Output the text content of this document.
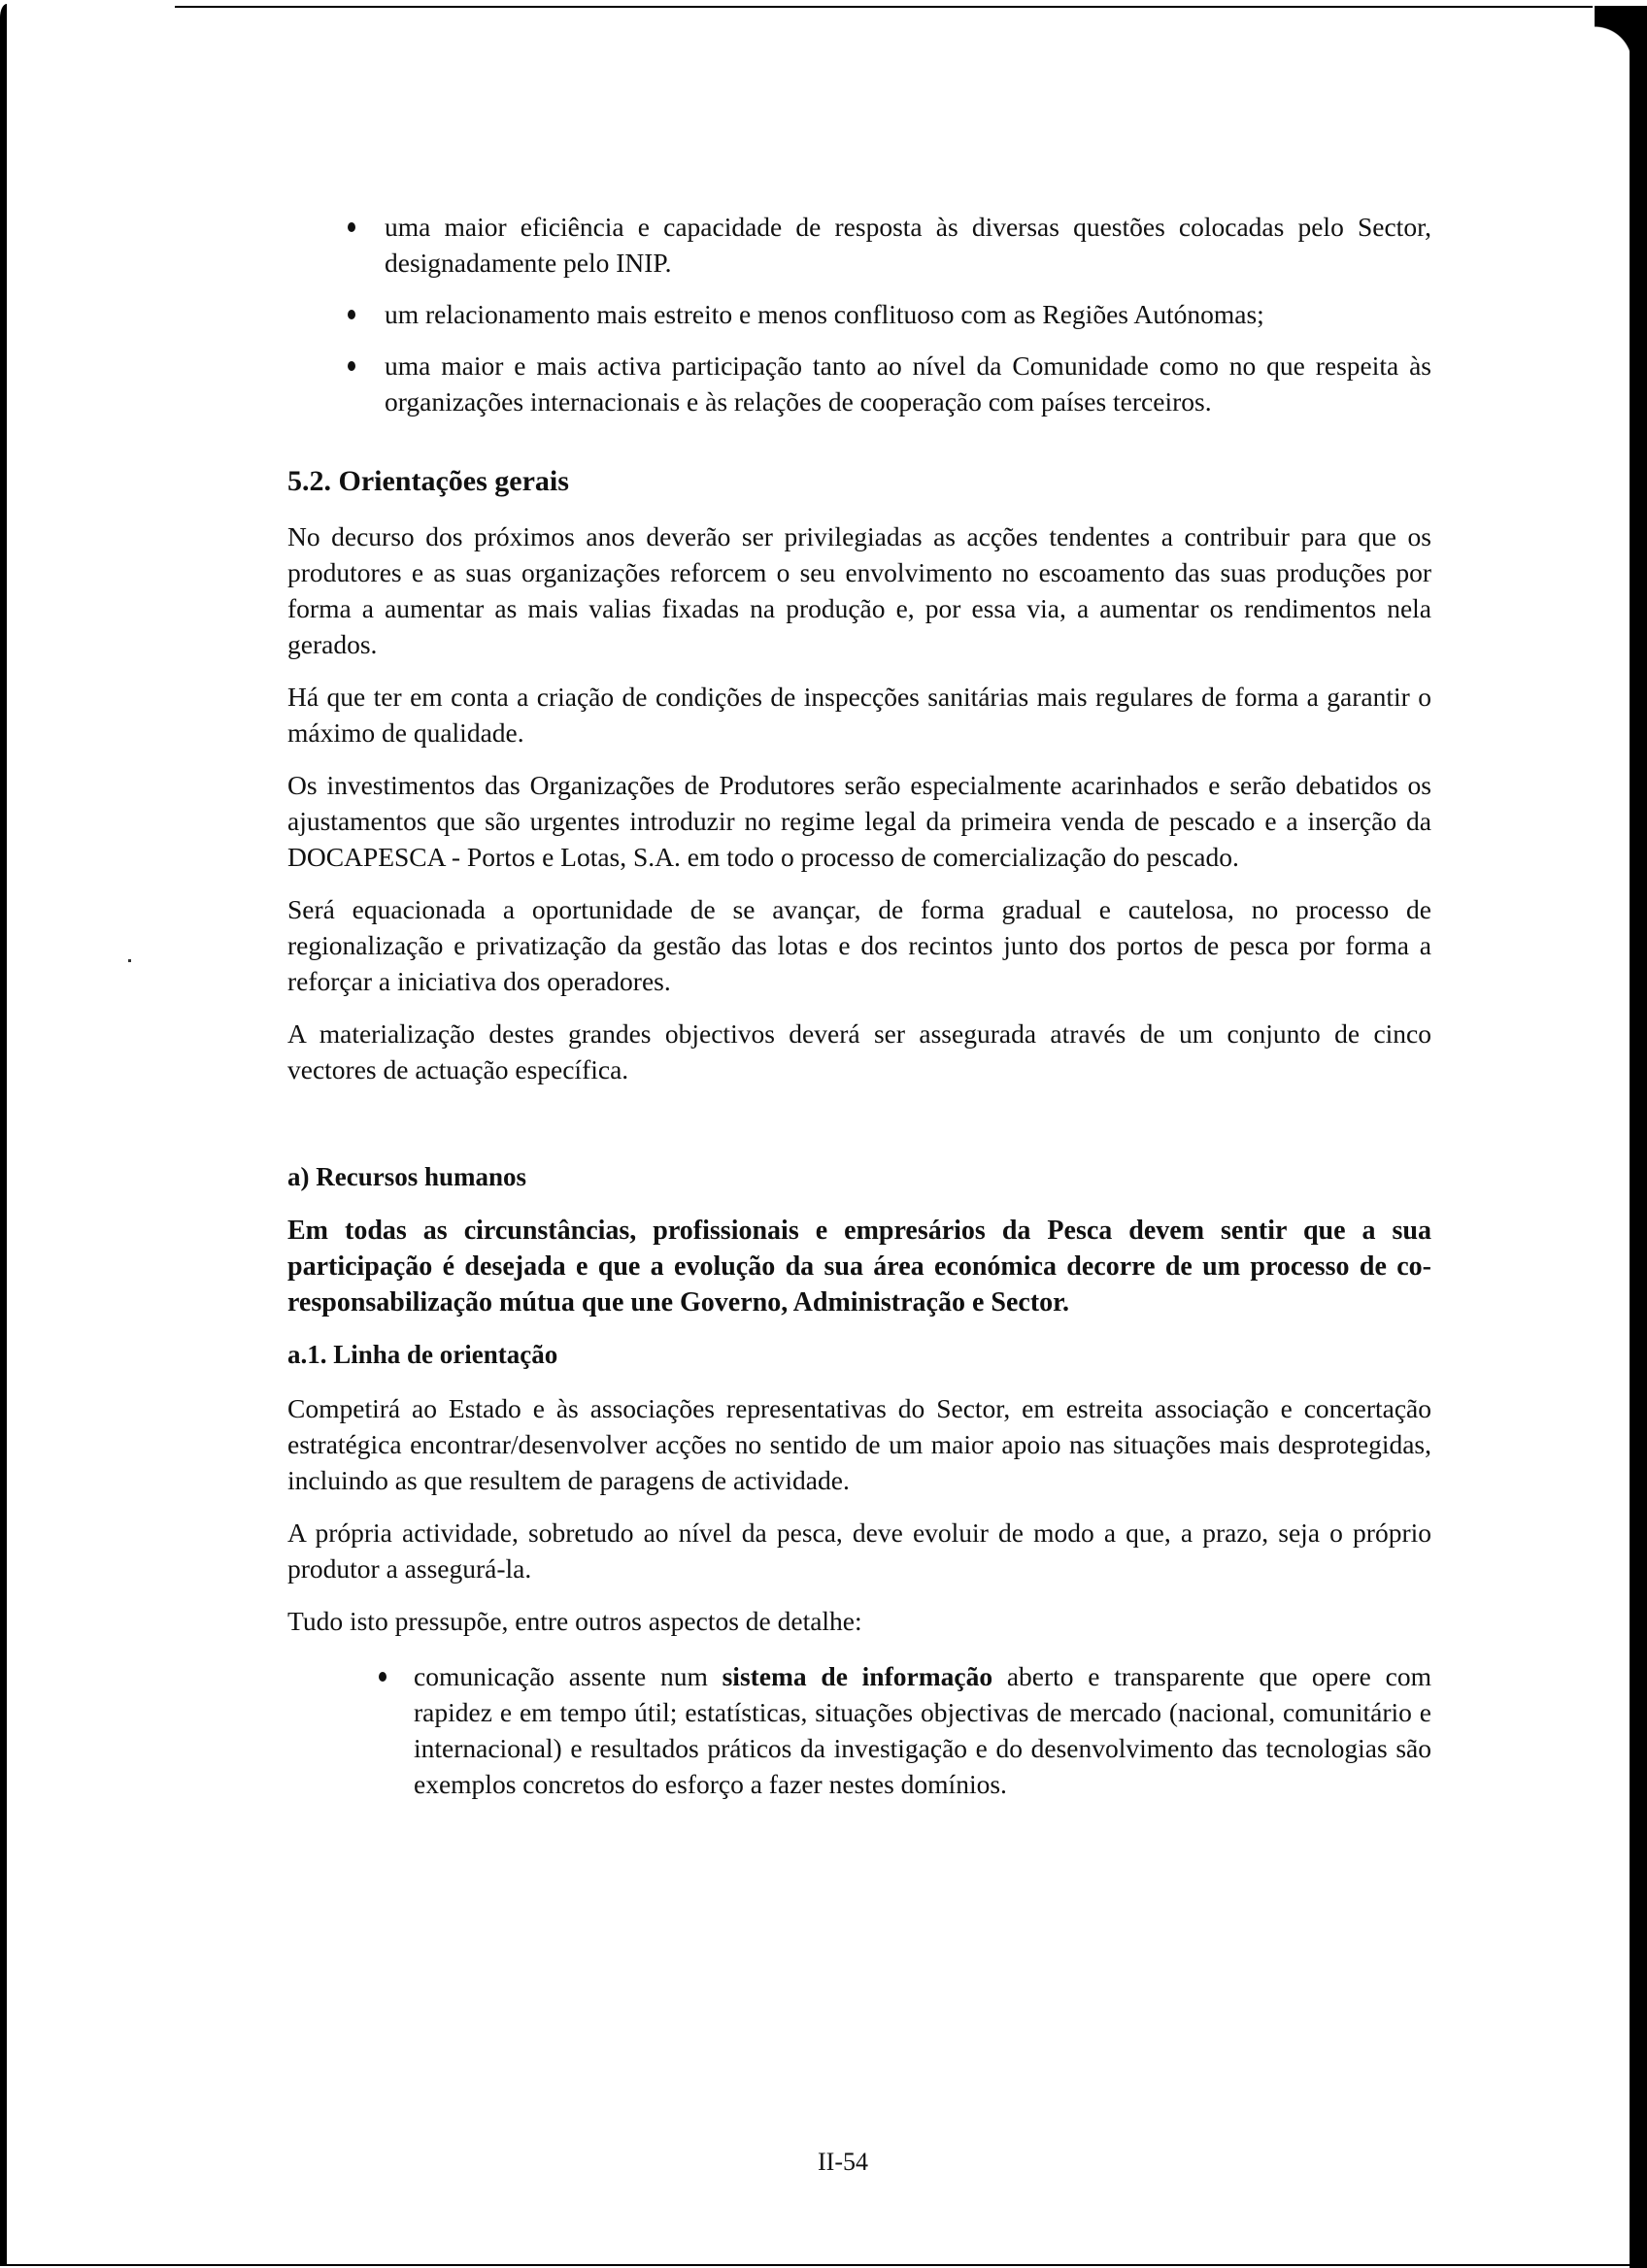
uma maior eficiência e capacidade de resposta às diversas questões colocadas pelo Sector, designadamente pelo INIP.
um relacionamento mais estreito e menos conflituoso com as Regiões Autónomas;
uma maior e mais activa participação tanto ao nível da Comunidade como no que respeita às organizações internacionais e às relações de cooperação com países terceiros.
5.2. Orientações gerais

No decurso dos próximos anos deverão ser privilegiadas as acções tendentes a contribuir para que os produtores e as suas organizações reforcem o seu envolvimento no escoamento das suas produções por forma a aumentar as mais valias fixadas na produção e, por essa via, a aumentar os rendimentos nela gerados.

Há que ter em conta a criação de condições de inspecções sanitárias mais regulares de forma a garantir o máximo de qualidade.

Os investimentos das Organizações de Produtores serão especialmente acarinhados e serão debatidos os ajustamentos que são urgentes introduzir no regime legal da primeira venda de pescado e a inserção da DOCAPESCA - Portos e Lotas, S.A. em todo o processo de comercialização do pescado.

Será equacionada a oportunidade de se avançar, de forma gradual e cautelosa, no processo de regionalização e privatização da gestão das lotas e dos recintos junto dos portos de pesca por forma a reforçar a iniciativa dos operadores.

A materialização destes grandes objectivos deverá ser assegurada através de um conjunto de cinco vectores de actuação específica.

a) Recursos humanos

Em todas as circunstâncias, profissionais e empresários da Pesca devem sentir que a sua participação é desejada e que a evolução da sua área económica decorre de um processo de co-responsabilização mútua que une Governo, Administração e Sector.

a.1. Linha de orientação

Competirá ao Estado e às associações representativas do Sector, em estreita associação e concertação estratégica encontrar/desenvolver acções no sentido de um maior apoio nas situações mais desprotegidas, incluindo as que resultem de paragens de actividade.

A própria actividade, sobretudo ao nível da pesca, deve evoluir de modo a que, a prazo, seja o próprio produtor a assegurá-la.

Tudo isto pressupõe, entre outros aspectos de detalhe:

comunicação assente num sistema de informação aberto e transparente que opere com rapidez e em tempo útil; estatísticas, situações objectivas de mercado (nacional, comunitário e internacional) e resultados práticos da investigação e do desenvolvimento das tecnologias são exemplos concretos do esforço a fazer nestes domínios.
II-54
